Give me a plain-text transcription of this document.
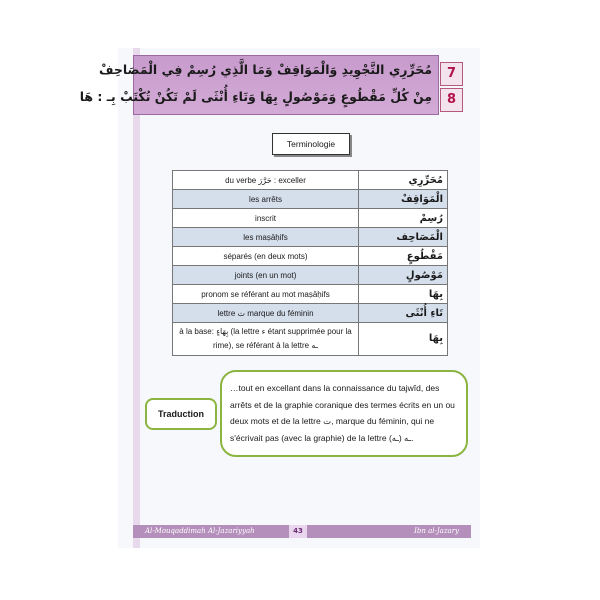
مُحَرِّرِي التَّجْوِيدِ وَالْمَوَاقِفْ وَمَا الَّذِي رُسِمْ فِي الْمَصَاحِفْ
مِنْ كُلِّ مَقْطُوعٍ وَمَوْصُولٍ بِهَا وَتَاءِ أُنْثَى لَمْ تَكُنْ تُكْتَبْ بِـ : هَا
7
8
Terminologie
du verbe حَرَّرَ : exceller	مُحَرِّرِي
les arrêts	الْمَوَاقِفْ
inscrit	رُسِمْ
les maṣāḥifs	الْمَصَاحِف
séparés (en deux mots)	مَقْطُوعٍ
joints (en un mot)	مَوْصُولٍ
pronom se référant au mot maṣāḥifs	بِهَا
lettre ت marque du féminin	تَاءِ أُنْثَى
à la base: بِهَاءٍ (la lettre ء étant supprimée pour la rime), se référant à la lettre ـه	بِهَا
…tout en excellant dans la connaissance du tajwîd, des arrêts et de la graphie coranique des termes écrits en un ou deux mots et de la lettre ت, marque du féminin, qui ne s'écrivait pas (avec la graphie) de la lettre ـه (ـه).
Traduction
Al-Mouqaddimah Al-Jazariyyah	Ibn al-Jazary
43
